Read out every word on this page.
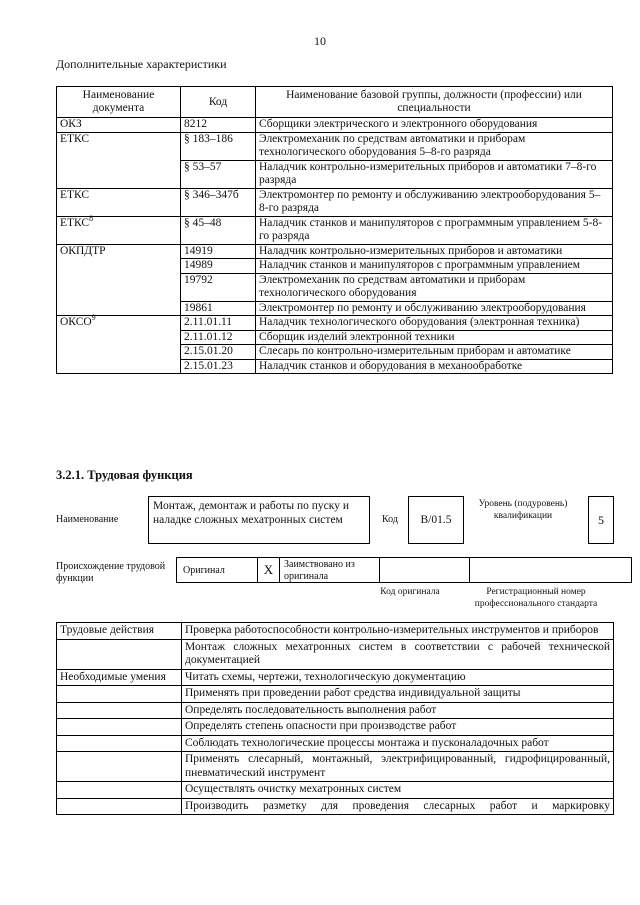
10
Дополнительные характеристики
Наименование документа	Код	Наименование базовой группы, должности (профессии) или специальности
ОКЗ	8212	Сборщики электрического и электронного оборудования
ЕТКС	§ 183–186	Электромеханик по средствам автоматики и приборам технологического оборудования 5–8-го разряда
	§ 53–57	Наладчик контрольно-измерительных приборов и автоматики 7–8-го разряда
ЕТКС	§ 346–347б	Электромонтер по ремонту и обслуживанию электрооборудования 5–8-го разряда
ЕТКС$^8$	§ 45–48	Наладчик станков и манипуляторов с программным управлением 5-8-го разряда
ОКПДТР	14919	Наладчик контрольно-измерительных приборов и автоматики
	14989	Наладчик станков и манипуляторов с программным управлением
	19792	Электромеханик по средствам автоматики и приборам технологического оборудования
	19861	Электромонтер по ремонту и обслуживанию электрооборудования
ОКСО$^9$	2.11.01.11	Наладчик технологического оборудования (электронная техника)
	2.11.01.12	Сборщик изделий электронной техники
	2.15.01.20	Слесарь по контрольно-измерительным приборам и автоматике
	2.15.01.23	Наладчик станков и оборудования в механообработке
3.2.1. Трудовая функция
Наименование
Монтаж, демонтаж и работы по пуску и наладке сложных мехатронных систем	Код	B/01.5
Уровень (подуровень) квалификации	5
Происхождение трудовой функции
Оригинал	X	Заимствовано из оригинала
Код оригинала	Регистрационный номер профессионального стандарта
Трудовые действия	Проверка работоспособности контрольно-измерительных инструментов и приборов
	Монтаж сложных мехатронных систем в соответствии с рабочей технической документацией
Необходимые умения	Читать схемы, чертежи, технологическую документацию
	Применять при проведении работ средства индивидуальной защиты
	Определять последовательность выполнения работ
	Определять степень опасности при производстве работ
	Соблюдать технологические процессы монтажа и пусконаладочных работ
	Применять слесарный, монтажный, электрифицированный, гидрофицированный, пневматический инструмент
	Осуществлять очистку мехатронных систем
	Производить разметку для проведения слесарных работ и маркировку
